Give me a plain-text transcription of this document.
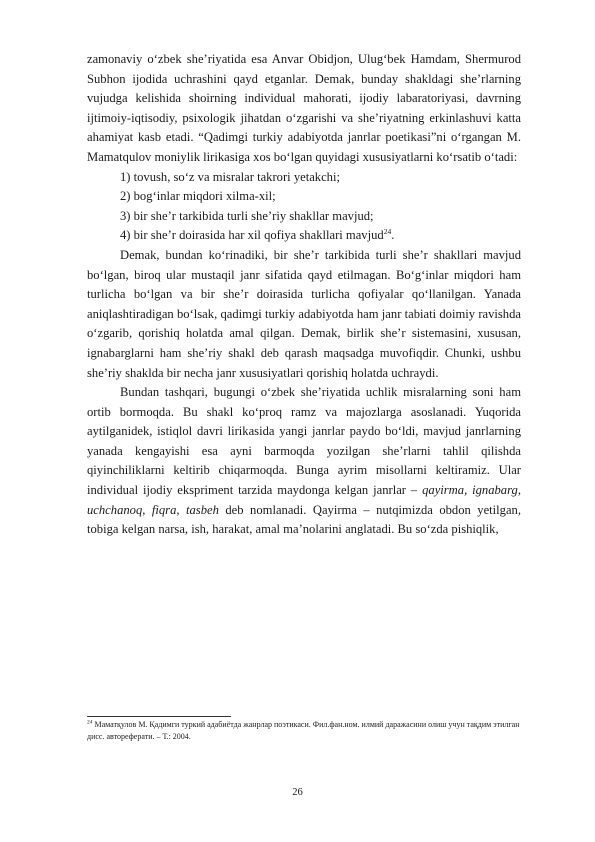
zamonaviy o‘zbek she’riyatida esa Anvar Obidjon, Ulug‘bek Hamdam, Shermurod Subhon ijodida uchrashini qayd etganlar. Demak, bunday shakldagi she’rlarning vujudga kelishida shoirning individual mahorati, ijodiy labaratoriyasi, davrning ijtimoiy-iqtisodiy, psixologik jihatdan o‘zgarishi va she’riyatning erkinlashuvi katta ahamiyat kasb etadi. “Qadimgi turkiy adabiyotda janrlar poetikasi”ni o‘rgangan M. Mamatqulov moniylik lirikasiga xos bo‘lgan quyidagi xususiyatlarni ko‘rsatib o‘tadi:

1) tovush, so‘z va misralar takrori yetakchi;

2) bog‘inlar miqdori xilma-xil;

3) bir she’r tarkibida turli she’riy shakllar mavjud;

4) bir she’r doirasida har xil qofiya shakllari mavjud$^{24}$.

Demak, bundan ko‘rinadiki, bir she’r tarkibida turli she’r shakllari mavjud bo‘lgan, biroq ular mustaqil janr sifatida qayd etilmagan. Bo‘g‘inlar miqdori ham turlicha bo‘lgan va bir she’r doirasida turlicha qofiyalar qo‘llanilgan. Yanada aniqlashtiradigan bo‘lsak, qadimgi turkiy adabiyotda ham janr tabiati doimiy ravishda o‘zgarib, qorishiq holatda amal qilgan. Demak, birlik she’r sistemasini, xususan, ignabarglarni ham she’riy shakl deb qarash maqsadga muvofiqdir. Chunki, ushbu she’riy shaklda bir necha janr xususiyatlari qorishiq holatda uchraydi.

Bundan tashqari, bugungi o‘zbek she’riyatida uchlik misralarning soni ham ortib bormoqda. Bu shakl ko‘proq ramz va majozlarga asoslanadi. Yuqorida aytilganidek, istiqlol davri lirikasida yangi janrlar paydo bo‘ldi, mavjud janrlarning yanada kengayishi esa ayni barmoqda yozilgan she’rlarni tahlil qilishda qiyinchiliklarni keltirib chiqarmoqda. Bunga ayrim misollarni keltiramiz. Ular individual ijodiy ekspriment tarzida maydonga kelgan janrlar – qayirma, ignabarg, uchchanoq, fiqra, tasbeh deb nomlanadi. Qayirma – nutqimizda obdon yetilgan, tobiga kelgan narsa, ish, harakat, amal ma’nolarini anglatadi. Bu so‘zda pishiqlik,

$^{24}$ Маматқулов М. Қадимги туркий адабиётда жанрлар поэтикаси. Фил.фан.ном. илмий даражасини олиш учун тақдим этилган дисс. автореферати. – Т.: 2004.
26
